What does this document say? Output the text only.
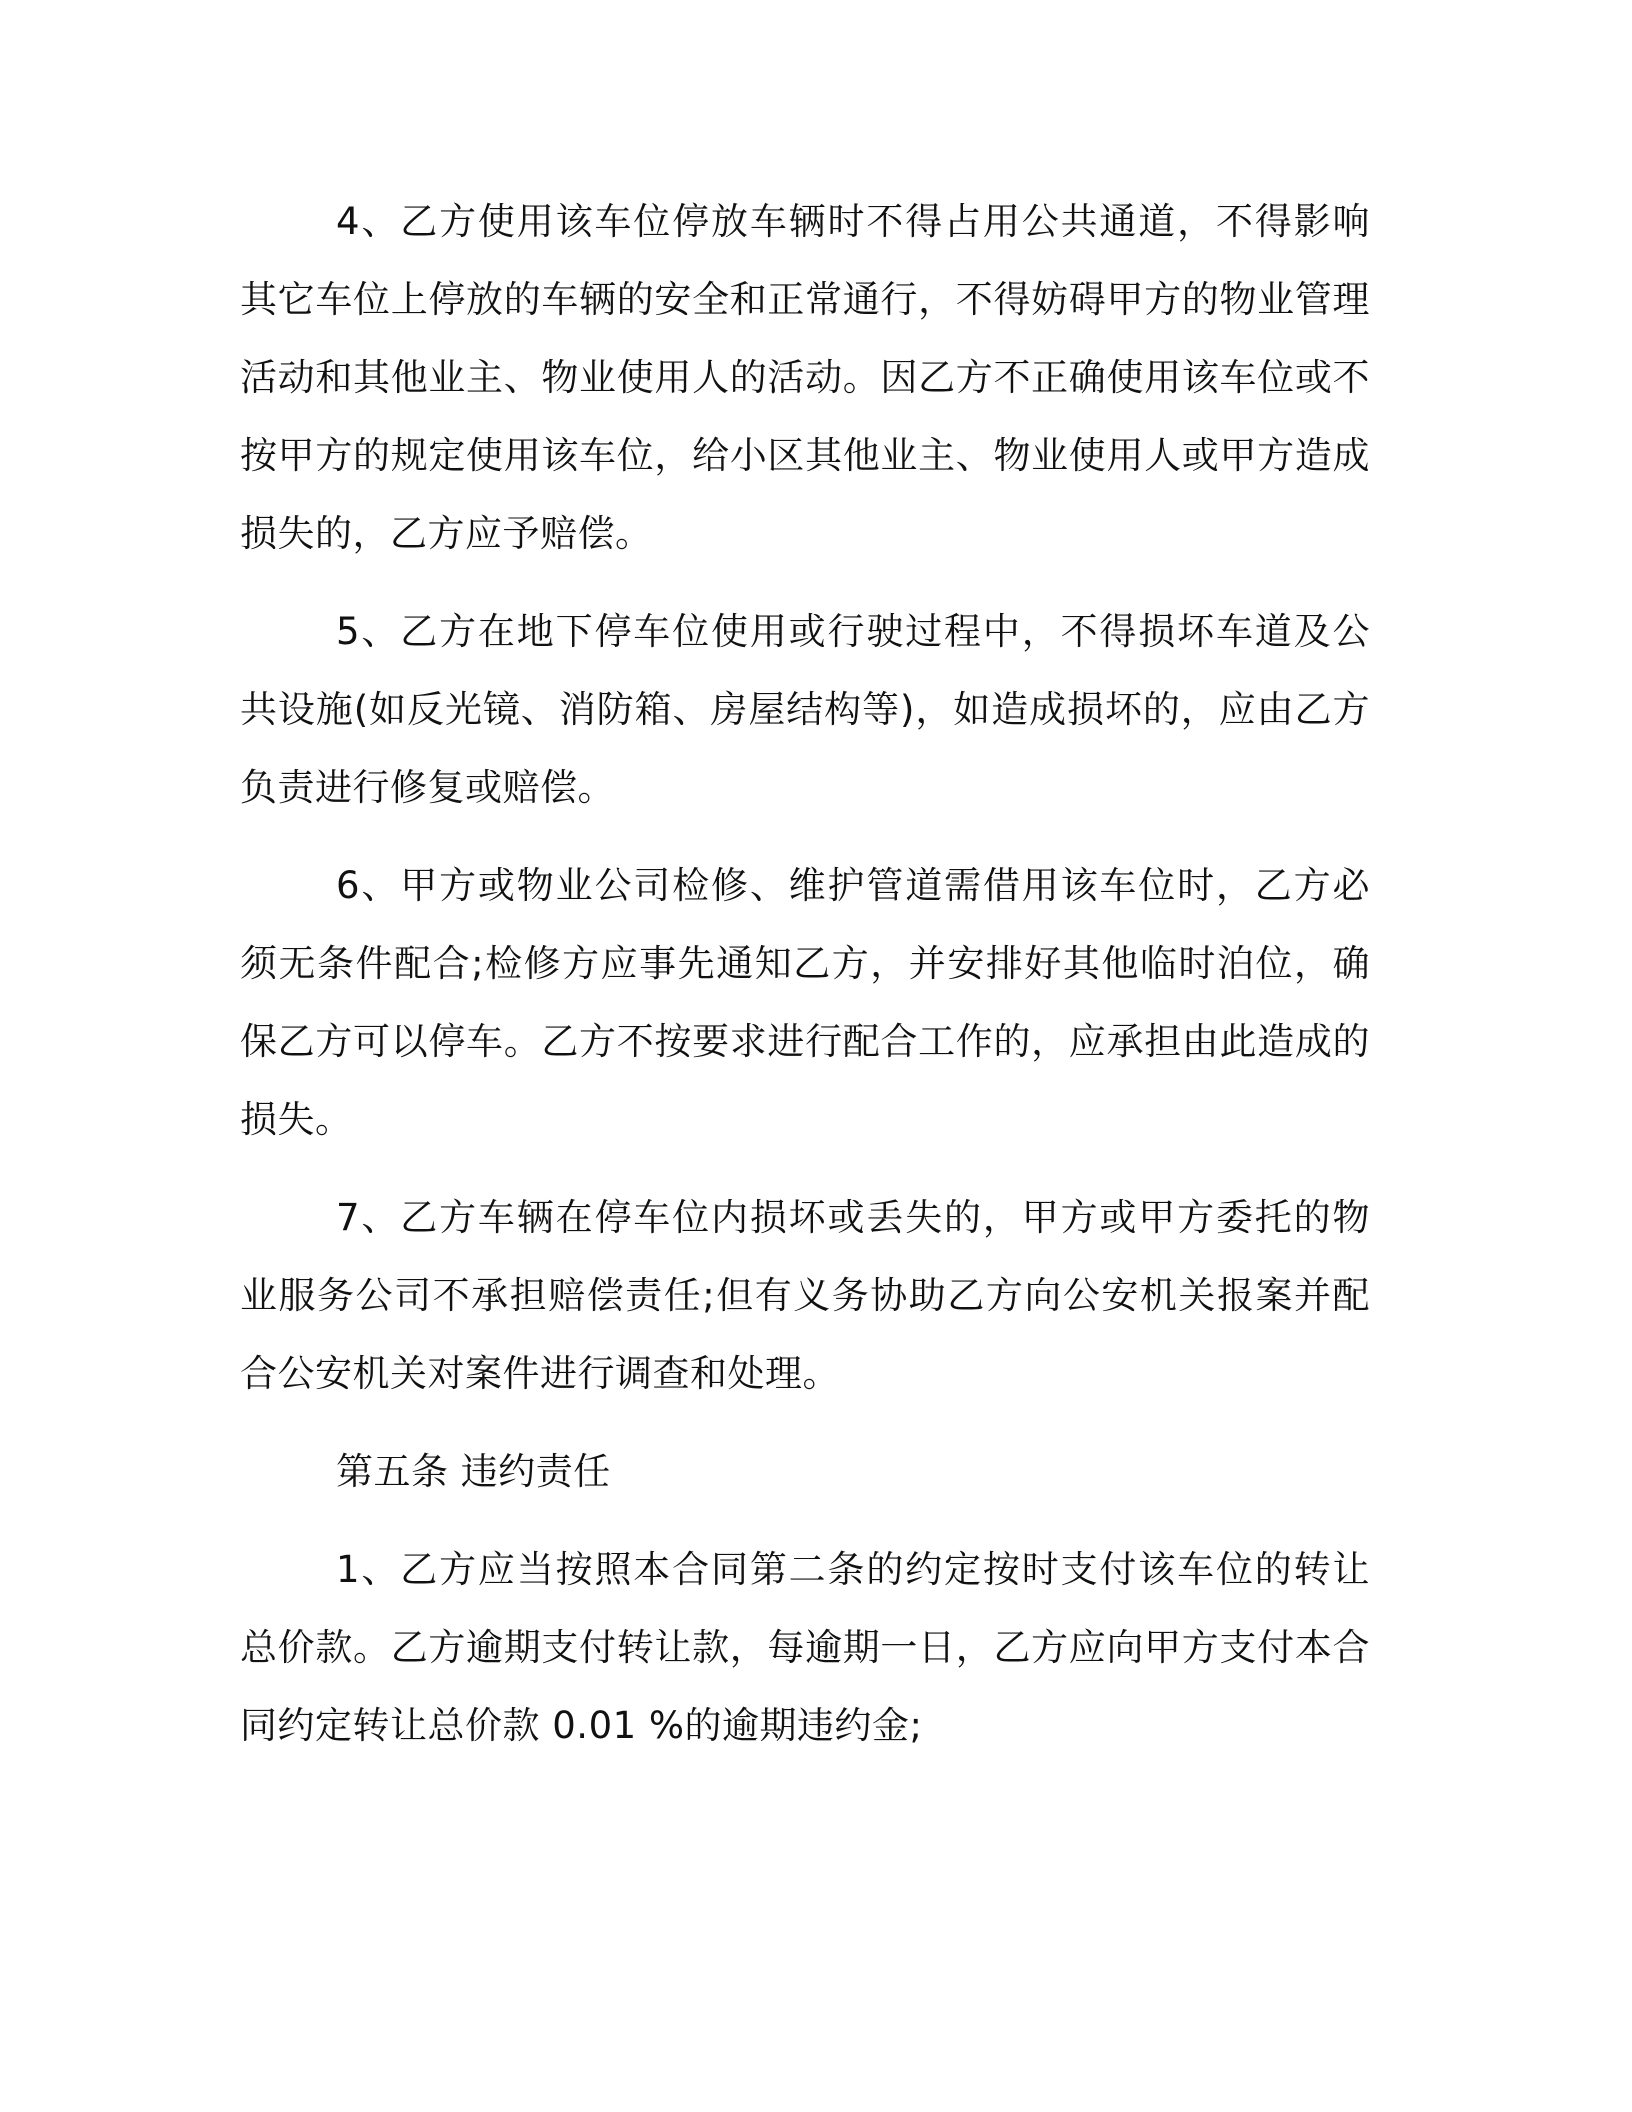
4、乙方使用该车位停放车辆时不得占用公共通道，不得影响其它车位上停放的车辆的安全和正常通行，不得妨碍甲方的物业管理活动和其他业主、物业使用人的活动。因乙方不正确使用该车位或不按甲方的规定使用该车位，给小区其他业主、物业使用人或甲方造成损失的，乙方应予赔偿。

5、乙方在地下停车位使用或行驶过程中，不得损坏车道及公共设施(如反光镜、消防箱、房屋结构等)，如造成损坏的，应由乙方负责进行修复或赔偿。

6、甲方或物业公司检修、维护管道需借用该车位时，乙方必须无条件配合;检修方应事先通知乙方，并安排好其他临时泊位，确保乙方可以停车。乙方不按要求进行配合工作的，应承担由此造成的损失。

7、乙方车辆在停车位内损坏或丢失的，甲方或甲方委托的物业服务公司不承担赔偿责任;但有义务协助乙方向公安机关报案并配合公安机关对案件进行调查和处理。

第五条 违约责任

1、乙方应当按照本合同第二条的约定按时支付该车位的转让总价款。乙方逾期支付转让款，每逾期一日，乙方应向甲方支付本合同约定转让总价款 0.01 %的逾期违约金;
